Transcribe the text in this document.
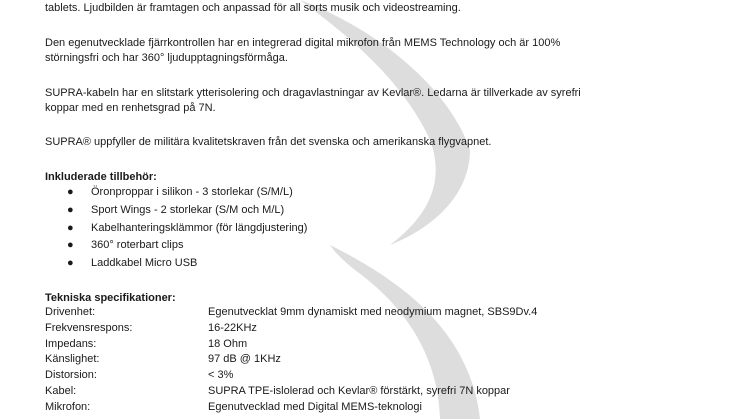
tablets. Ljudbilden är framtagen och anpassad för all sorts musik och videostreaming.
Den egenutvecklade fjärrkontrollen har en integrerad digital mikrofon från MEMS Technology och är 100%
störningsfri och har 360° ljudupptagningsförmåga.
SUPRA-kabeln har en slitstark ytterisolering och dragavlastningar av Kevlar®. Ledarna är tillverkade av syrefri
koppar med en renhetsgrad på 7N.
SUPRA® uppfyller de militära kvalitetskraven från det svenska och amerikanska flygvapnet.
Inkluderade tillbehör:
● Öronproppar i silikon - 3 storlekar (S/M/L)
● Sport Wings - 2 storlekar (S/M och M/L)
● Kabelhanteringsklämmor (för längdjustering)
● 360° roterbart clips
● Laddkabel Micro USB
Tekniska specifikationer:
Drivenhet:	Egenutvecklat 9mm dynamiskt med neodymium magnet, SBS9Dv.4
Frekvensrespons:	16-22KHz
Impedans:	18 Ohm
Känslighet:	97 dB @ 1KHz
Distorsion:	< 3%
Kabel:	SUPRA TPE-islolerad och Kevlar® förstärkt, syrefri 7N koppar
Mikrofon:	Egenutvecklad med Digital MEMS-teknologi
